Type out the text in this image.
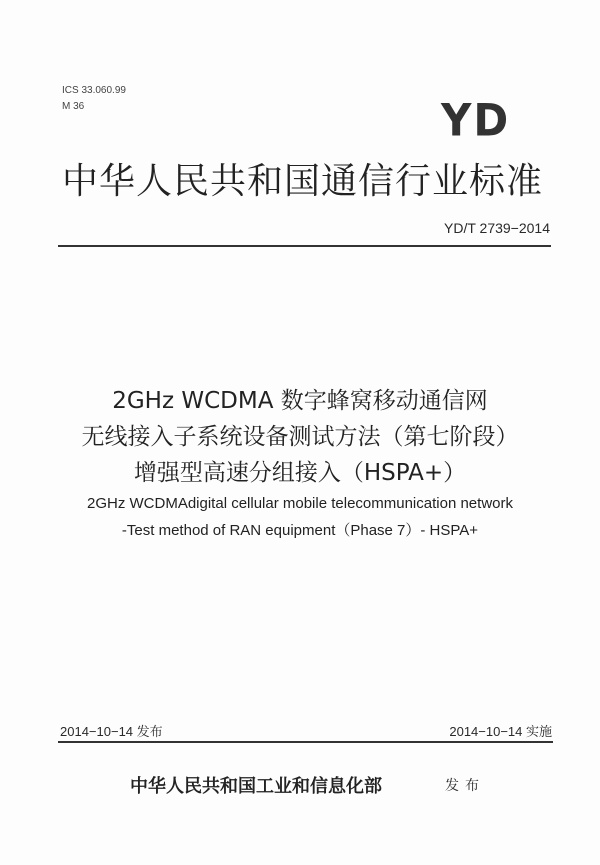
ICS 33.060.99
M 36	YD
中华人民共和国通信行业标准
YD/T 2739−2014
2GHz WCDMA 数字蜂窝移动通信网
无线接入子系统设备测试方法（第七阶段）
增强型高速分组接入（HSPA+）
2GHz WCDMAdigital cellular mobile telecommunication network
-Test method of RAN equipment（Phase 7）- HSPA+
2014−10−14 发布	2014−10−14 实施
中华人民共和国工业和信息化部	发布
